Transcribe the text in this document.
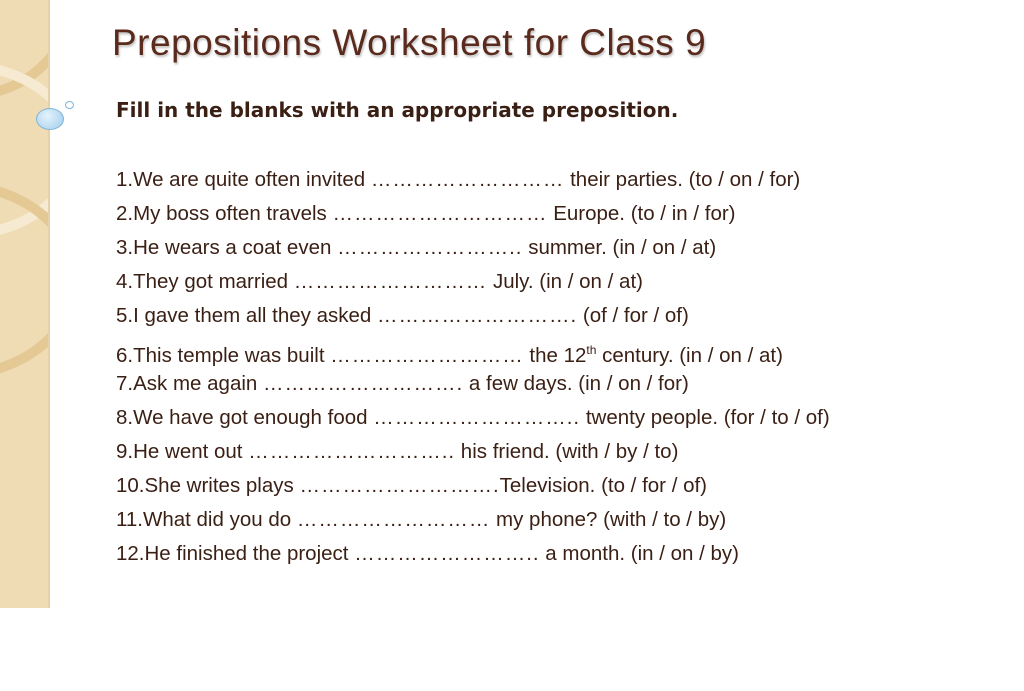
Prepositions Worksheet for Class 9
Fill in the blanks with an appropriate preposition.
1.We are quite often invited ……………………… their parties. (to / on / for)
2.My boss often travels ………………………… Europe. (to / in / for)
3.He wears a coat even …………………….. summer. (in / on / at)
4.They got married ……………………… July. (in / on / at)
5.I gave them all they asked ………………………. (of / for / of)
6.This temple was built ……………………… the 12th century. (in / on / at)
7.Ask me again ………………………. a few days. (in / on / for)
8.We have got enough food ……………………….. twenty people. (for / to / of)
9.He went out ……………………….. his friend. (with / by / to)
10.She writes plays ……………………….Television. (to / for / of)
11.What did you do ……………………… my phone? (with / to / by)
12.He finished the project …………………….. a month. (in / on / by)
